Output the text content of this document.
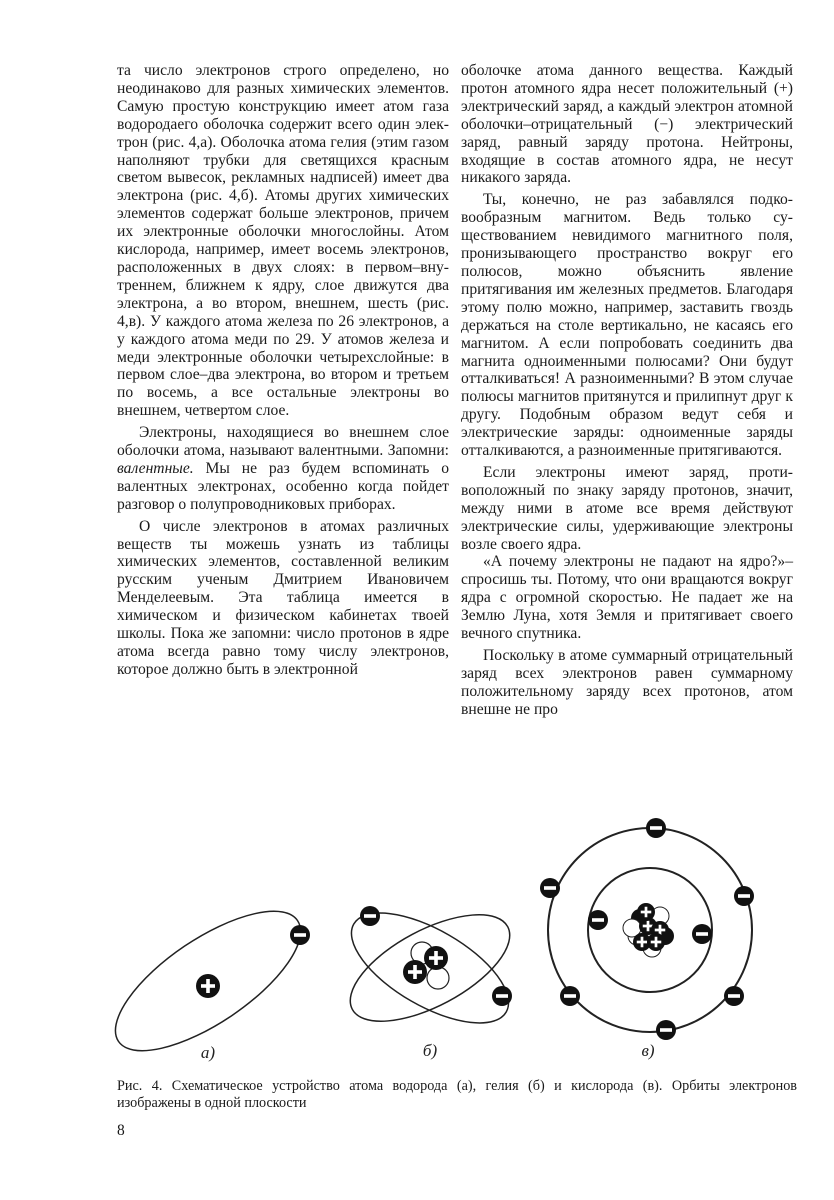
та число электронов строго определено, но неодинаково для разных химических элементов. Самую простую конструкцию имеет атом газа водородаего оболочка содержит всего один электрон (рис. 4,а). Оболочка атома гелия (этим газом наполняют трубки для светящихся красным светом вывесок, рекламных надписей) имеет два электрона (рис. 4,б). Атомы других химических элементов содержат больше электронов, причем их электронные оболочки многослойны. Атом кислорода, например, имеет восемь электронов, расположенных в двух слоях: в первом–внутреннем, ближнем к ядру, слое движутся два электрона, а во втором, внешнем, шесть (рис. 4,в). У каждого атома железа по 26 электронов, а у каждого атома меди по 29. У атомов железа и меди электронные оболочки четырехслойные: в первом слое–два электрона, во втором и третьем по восемь, а все остальные электроны во внешнем, четвертом слое.

Электроны, находящиеся во внешнем слое оболочки атома, называют валентными. Запомни: валентные. Мы не раз будем вспоминать о валентных электронах, особенно когда пойдет разговор о полупроводниковых приборах.

О числе электронов в атомах различных веществ ты можешь узнать из таблицы химических элементов, составленной великим русским ученым Дмитрием Ивановичем Менделеевым. Эта таблица имеется в химическом и физическом кабинетах твоей школы. Пока же запомни: число протонов в ядре атома всегда равно тому числу электронов, которое должно быть в электронной

оболочке атома данного вещества. Каждый протон атомного ядра несет положительный (+) электрический заряд, а каждый электрон атомной оболочки–отрицательный (−) электрический заряд, равный заряду протона. Нейтроны, входящие в состав атомного ядра, не несут никакого заряда.

Ты, конечно, не раз забавлялся подковообразным магнитом. Ведь только существованием невидимого магнитного поля, пронизывающего пространство вокруг его полюсов, можно объяснить явление притягивания им железных предметов. Благодаря этому полю можно, например, заставить гвоздь держаться на столе вертикально, не касаясь его магнитом. А если попробовать соединить два магнита одноименными полюсами? Они будут отталкиваться! А разноименными? В этом случае полюсы магнитов притянутся и прилипнут друг к другу. Подобным образом ведут себя и электрические заряды: одноименные заряды отталкиваются, а разноименные притягиваются.

Если электроны имеют заряд, противоположный по знаку заряду протонов, значит, между ними в атоме все время действуют электрические силы, удерживающие электроны возле своего ядра.

«А почему электроны не падают на ядро?»–спросишь ты. Потому, что они вращаются вокруг ядра с огромной скоростью. Не падает же на Землю Луна, хотя Земля и притягивает своего вечного спутника.

Поскольку в атоме суммарный отрицательный заряд всех электронов равен суммарному положительному заряду всех протонов, атом внешне не про

а)	б)	в)
Рис. 4. Схематическое устройство атома водорода (а), гелия (б) и кислорода (в). Орбиты электронов изображены в одной плоскости
8
